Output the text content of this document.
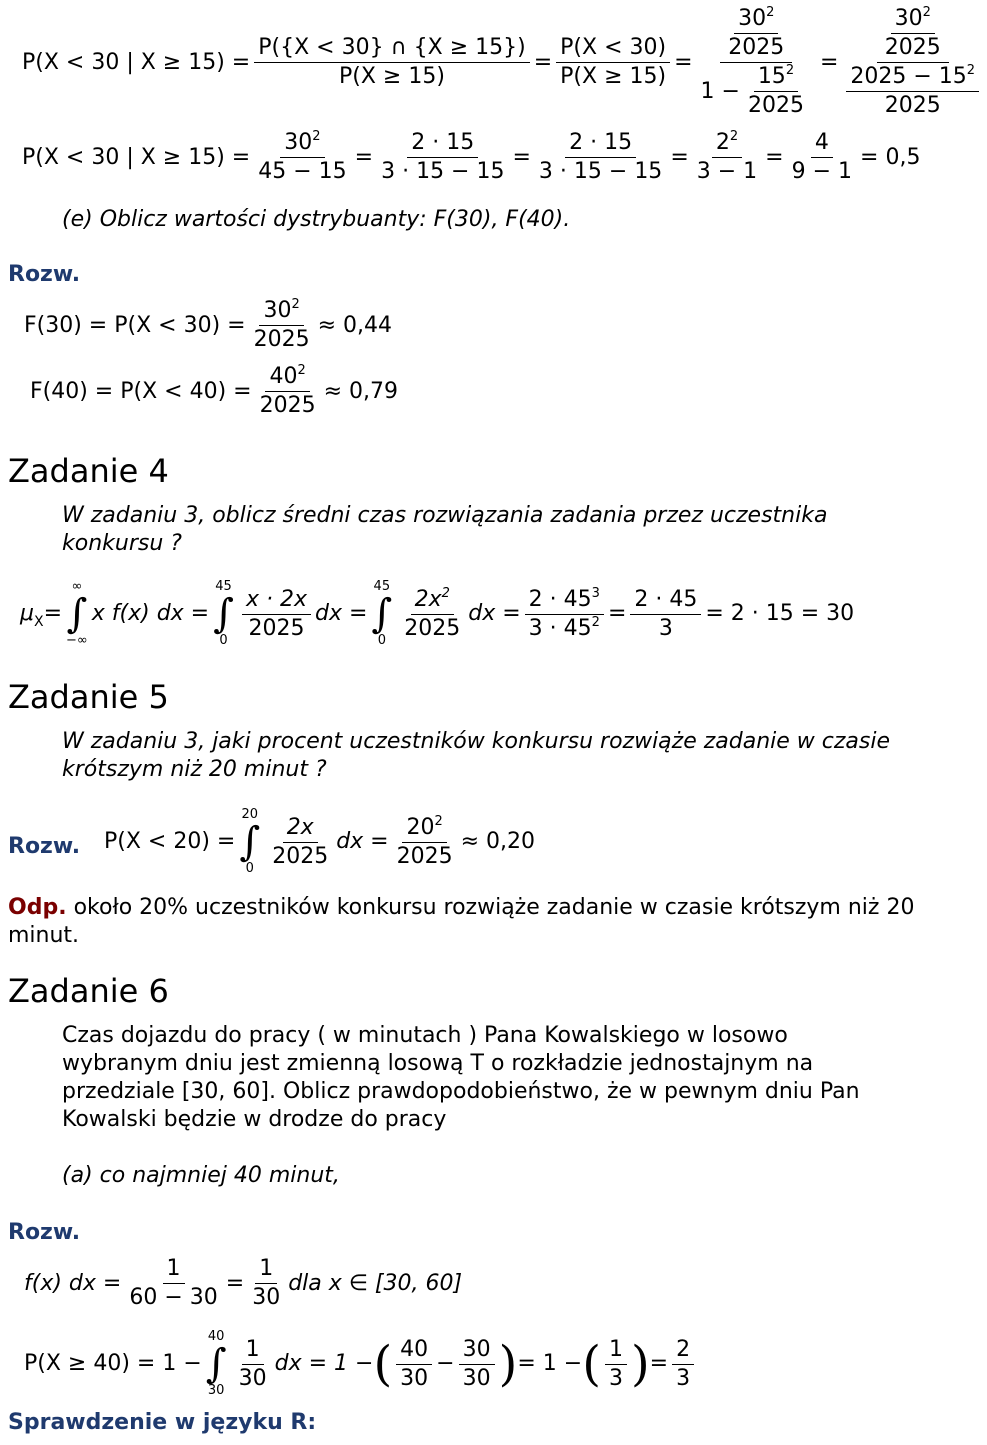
P(X < 30 | $X \ge 15) = \frac{P(\{X < 30\} \cap \{X \ge 15\})}{P(X \ge 15)} = \frac{P(X < 30)}{P(X \ge 15)} = \frac{\frac{30^2}{2025}}{1 - \frac{15^2}{2025}} = \frac{\frac{30^2}{2025}}{\frac{2025 - 15^2}{2025}}$
P(X < 30 | $X \ge 15) = \frac{30^2}{45 - 15} = \frac{2 \cdot 15}{3 \cdot 15 - 15} = \frac{2 \cdot 15}{3 \cdot 15 - 15} = \frac{2^2}{3 - 1} = \frac{4}{9 - 1} = 0,5$
(e) Oblicz wartości dystrybuanty: F(30), F(40).
Rozw.
$F(30) = P(X < 30) = \frac{30^2}{2025} \approx 0,44$
$F(40) = P(X < 40) = \frac{40^2}{2025} \approx 0,79$
Zadanie 4
W zadaniu 3, oblicz średni czas rozwiązania zadania przez uczestnika konkursu ?
$\mu_X$ =
∞
∫
−∞
x f(x) dx =
45
∫
0
$\frac{x \cdot 2x}{2025}$ dx =
45
∫
0
$\frac{2x^2}{2025}$ dx = $\frac{2 \cdot 45^3}{3 \cdot 45^2} = \frac{2 \cdot 45}{3} = 2 \cdot 15 = 30$
Zadanie 5
W zadaniu 3, jaki procent uczestników konkursu rozwiąże zadanie w czasie krótszym niż 20 minut ?
Rozw. P(X < 20) =
20
∫
0
$\frac{2x}{2025}$ dx = $\frac{20^2}{2025} \approx 0,20$
Odp. około 20% uczestników konkursu rozwiąże zadanie w czasie krótszym niż 20 minut.
Zadanie 6
Czas dojazdu do pracy ( w minutach ) Pana Kowalskiego w losowo wybranym dniu jest zmienną losową T o rozkładzie jednostajnym na przedziale [30, 60]. Oblicz prawdopodobieństwo, że w pewnym dniu Pan Kowalski będzie w drodze do pracy
(a) co najmniej 40 minut,
Rozw.
f(x) dx = $\frac{1}{60 - 30} = \frac{1}{30}$ dla x ∈ [30, 60]
P(X ≥ 40) = 1 −
40
∫
30
$\frac{1}{30}$ dx = 1 − ( $\frac{40}{30} - \frac{30}{30}$ ) = 1 − ( $\frac{1}{3}$ ) = $\frac{2}{3}$
Sprawdzenie w języku R:
